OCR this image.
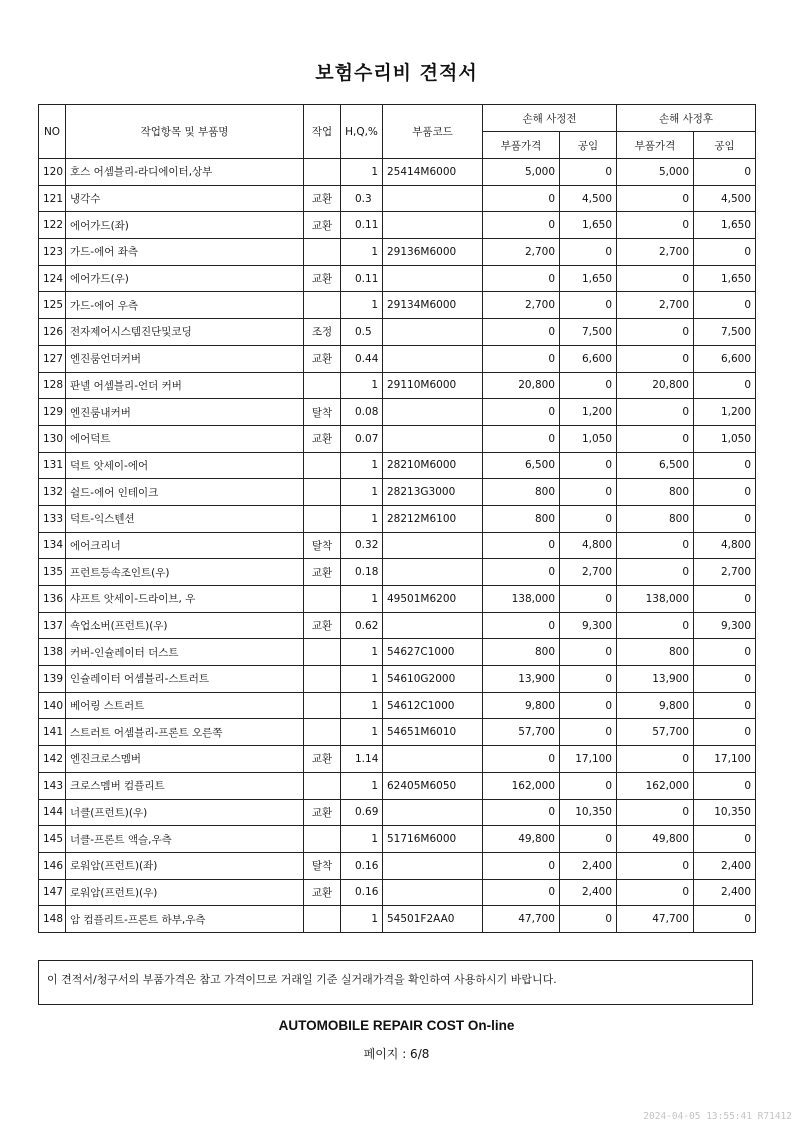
보험수리비 견적서
NO	작업항목 및 부품명	작업	H,Q,%	부품코드	손해 사정전		손해 사정후	
					부품가격	공임	부품가격	공임
120	호스 어셈블리-라디에이터,상부		1	25414M6000	5,000	0	5,000	0
121	냉각수	교환	0.3		0	4,500	0	4,500
122	에어가드(좌)	교환	0.11		0	1,650	0	1,650
123	가드-에어 좌측		1	29136M6000	2,700	0	2,700	0
124	에어가드(우)	교환	0.11		0	1,650	0	1,650
125	가드-에어 우측		1	29134M6000	2,700	0	2,700	0
126	전자제어시스템진단및코딩	조정	0.5		0	7,500	0	7,500
127	엔진룸언더커버	교환	0.44		0	6,600	0	6,600
128	판넬 어셈블리-언더 커버		1	29110M6000	20,800	0	20,800	0
129	엔진룸내커버	탈착	0.08		0	1,200	0	1,200
130	에어덕트	교환	0.07		0	1,050	0	1,050
131	덕트 앗세이-에어		1	28210M6000	6,500	0	6,500	0
132	쉴드-에어 인테이크		1	28213G3000	800	0	800	0
133	덕트-익스텐션		1	28212M6100	800	0	800	0
134	에어크리너	탈착	0.32		0	4,800	0	4,800
135	프런트등속조인트(우)	교환	0.18		0	2,700	0	2,700
136	샤프트 앗세이-드라이브, 우		1	49501M6200	138,000	0	138,000	0
137	쇽업소버(프런트)(우)	교환	0.62		0	9,300	0	9,300
138	커버-인슐레이터 더스트		1	54627C1000	800	0	800	0
139	인슐레이터 어셈블리-스트러트		1	54610G2000	13,900	0	13,900	0
140	베어링 스트러트		1	54612C1000	9,800	0	9,800	0
141	스트러트 어셈블리-프론트 오른쪽		1	54651M6010	57,700	0	57,700	0
142	엔진크로스멤버	교환	1.14		0	17,100	0	17,100
143	크로스멤버 컴플리트		1	62405M6050	162,000	0	162,000	0
144	너클(프런트)(우)	교환	0.69		0	10,350	0	10,350
145	너클-프론트 액슬,우측		1	51716M6000	49,800	0	49,800	0
146	로워암(프런트)(좌)	탈착	0.16		0	2,400	0	2,400
147	로워암(프런트)(우)	교환	0.16		0	2,400	0	2,400
148	암 컴플리트-프론트 하부,우측		1	54501F2AA0	47,700	0	47,700	0
이 견적서/청구서의 부품가격은 참고 가격이므로 거래일 기준 실거래가격을 확인하여 사용하시기 바랍니다.
AUTOMOBILE REPAIR COST On-line
페이지 : 6/8
2024-04-05 13:55:41 R71412
